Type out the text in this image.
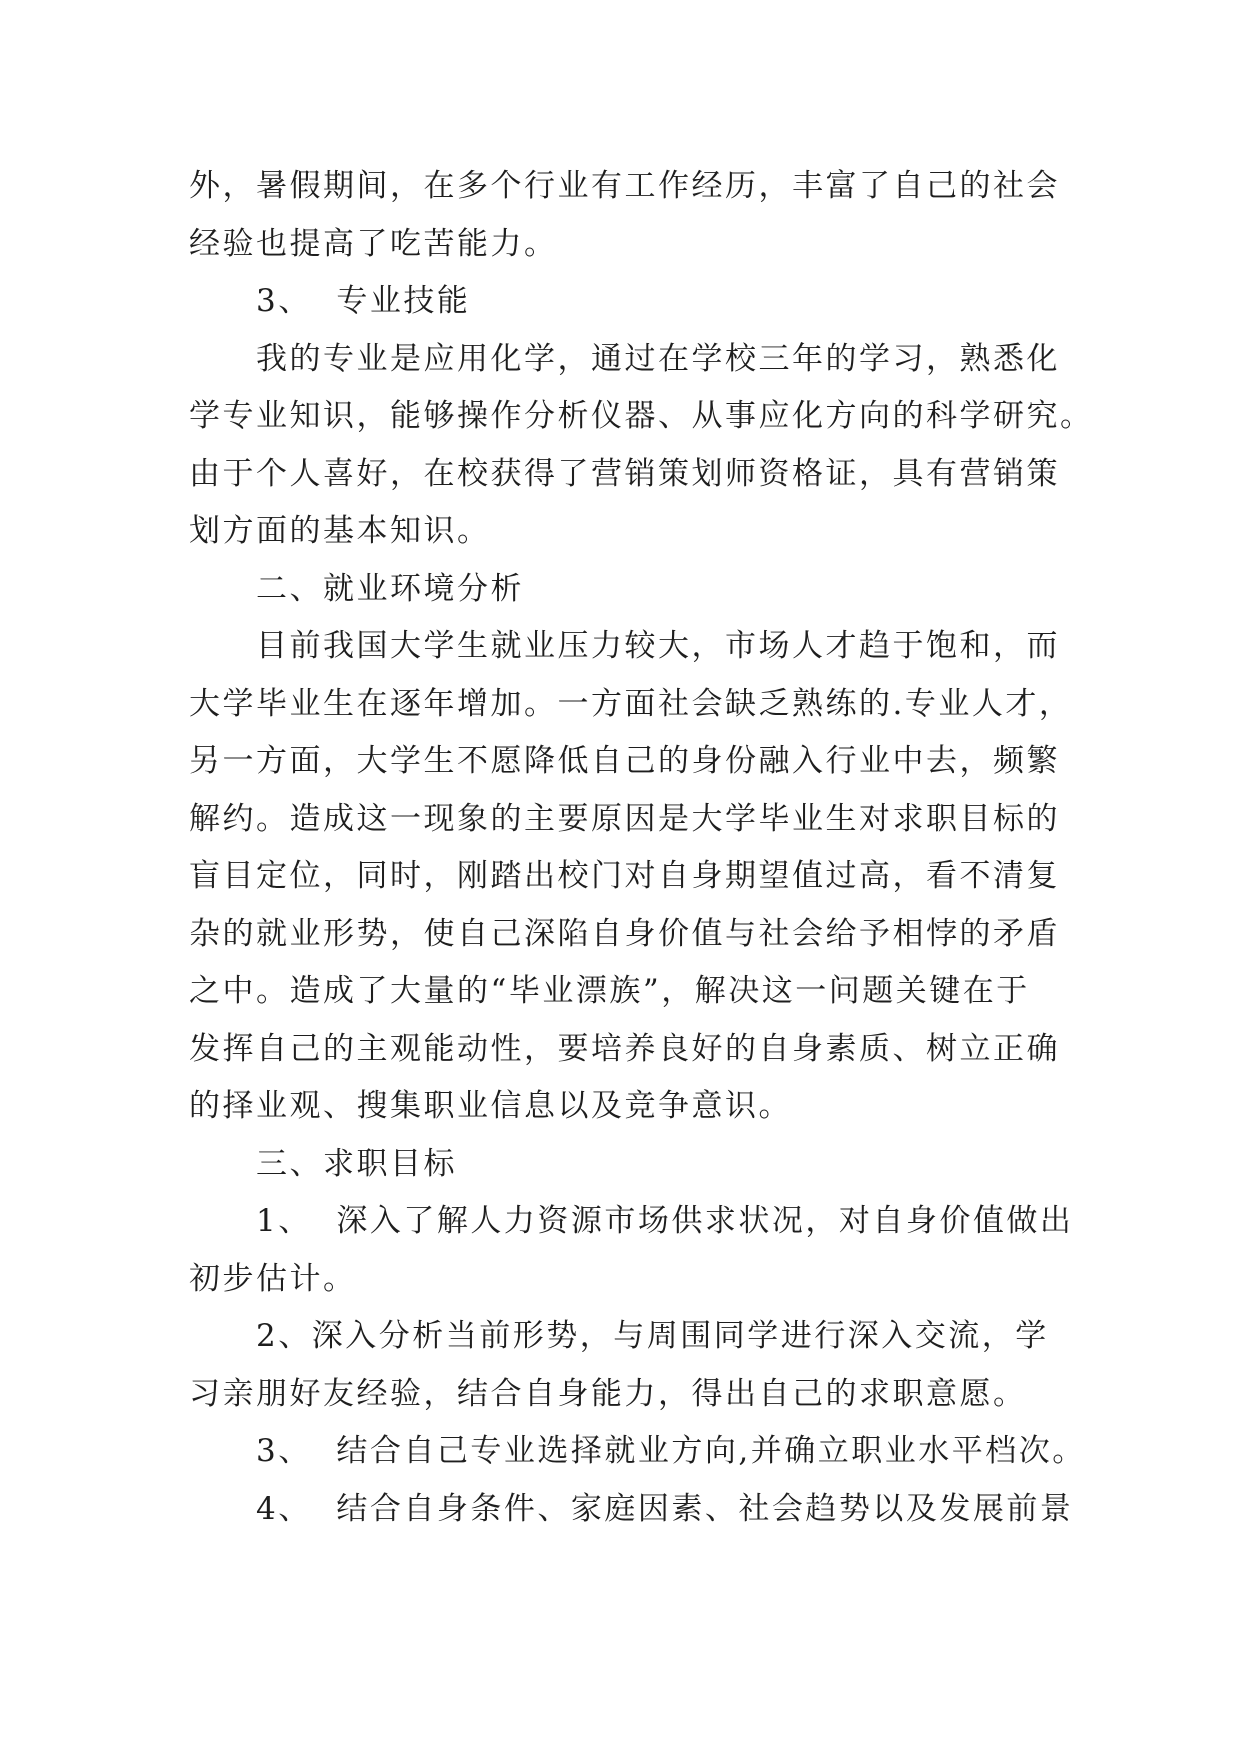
外，暑假期间，在多个行业有工作经历，丰富了自己的社会
经验也提高了吃苦能力。
3、  专业技能
我的专业是应用化学，通过在学校三年的学习，熟悉化
学专业知识，能够操作分析仪器、从事应化方向的科学研究。
由于个人喜好，在校获得了营销策划师资格证，具有营销策
划方面的基本知识。
二、就业环境分析
目前我国大学生就业压力较大，市场人才趋于饱和，而
大学毕业生在逐年增加。一方面社会缺乏熟练的.专业人才，
另一方面，大学生不愿降低自己的身份融入行业中去，频繁
解约。造成这一现象的主要原因是大学毕业生对求职目标的
盲目定位，同时，刚踏出校门对自身期望值过高，看不清复
杂的就业形势，使自己深陷自身价值与社会给予相悖的矛盾
之中。造成了大量的“毕业漂族”，解决这一问题关键在于
发挥自己的主观能动性，要培养良好的自身素质、树立正确
的择业观、搜集职业信息以及竞争意识。
三、求职目标
1、  深入了解人力资源市场供求状况，对自身价值做出
初步估计。
2、深入分析当前形势，与周围同学进行深入交流，学
习亲朋好友经验，结合自身能力，得出自己的求职意愿。
3、  结合自己专业选择就业方向,并确立职业水平档次。
4、  结合自身条件、家庭因素、社会趋势以及发展前景
